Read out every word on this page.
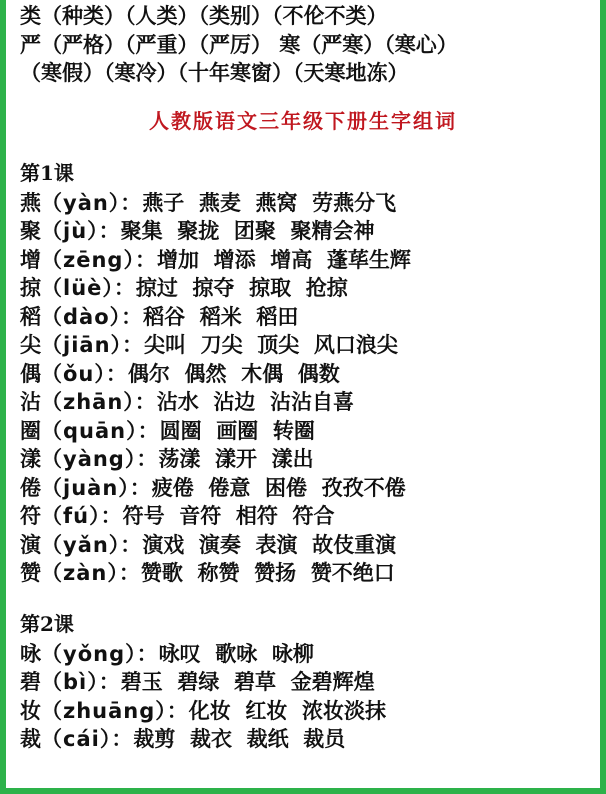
类（种类）（人类）（类别）（不伦不类）
严（严格）（严重）（严厉） 寒（严寒）（寒心）
（寒假）（寒冷）（十年寒窗）（天寒地冻）
人教版语文三年级下册生字组词
第1课
燕（yàn）：燕子  燕麦  燕窝  劳燕分飞
聚（jù）：聚集  聚拢  团聚  聚精会神
增（zēng）：增加  增添  增高  蓬荜生辉
掠（lüè）：掠过  掠夺  掠取  抢掠
稻（dào）：稻谷  稻米  稻田
尖（jiān）：尖叫  刀尖  顶尖  风口浪尖
偶（ǒu）：偶尔  偶然  木偶  偶数
沾（zhān）：沾水  沾边  沾沾自喜
圈（quān）：圆圈  画圈  转圈
漾（yàng）：荡漾  漾开  漾出
倦（juàn）：疲倦  倦意  困倦  孜孜不倦
符（fú）：符号  音符  相符  符合
演（yǎn）：演戏  演奏  表演  故伎重演
赞（zàn）：赞歌  称赞  赞扬  赞不绝口
第2课
咏（yǒng）：咏叹  歌咏  咏柳
碧（bì）：碧玉  碧绿  碧草  金碧辉煌
妆（zhuāng）：化妆  红妆  浓妆淡抹
裁（cái）：裁剪  裁衣  裁纸  裁员
